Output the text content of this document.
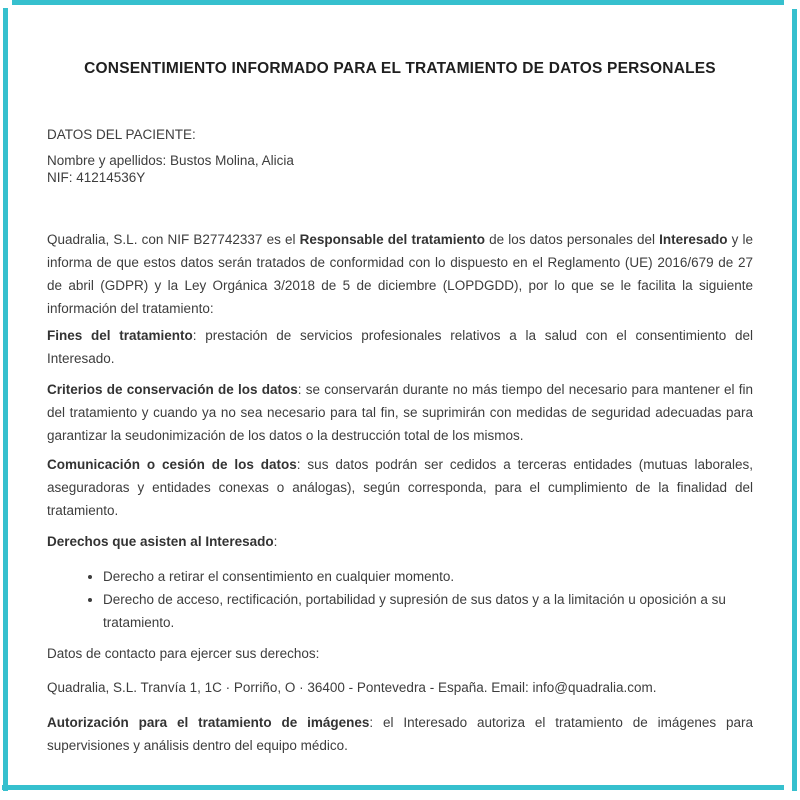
CONSENTIMIENTO INFORMADO PARA EL TRATAMIENTO DE DATOS PERSONALES
DATOS DEL PACIENTE:
Nombre y apellidos: Bustos Molina, Alicia
NIF: 41214536Y

Quadralia, S.L. con NIF B27742337 es el Responsable del tratamiento de los datos personales del Interesado y le informa de que estos datos serán tratados de conformidad con lo dispuesto en el Reglamento (UE) 2016/679 de 27 de abril (GDPR) y la Ley Orgánica 3/2018 de 5 de diciembre (LOPDGDD), por lo que se le facilita la siguiente información del tratamiento:

Fines del tratamiento: prestación de servicios profesionales relativos a la salud con el consentimiento del Interesado.

Criterios de conservación de los datos: se conservarán durante no más tiempo del necesario para mantener el fin del tratamiento y cuando ya no sea necesario para tal fin, se suprimirán con medidas de seguridad adecuadas para garantizar la seudonimización de los datos o la destrucción total de los mismos.

Comunicación o cesión de los datos: sus datos podrán ser cedidos a terceras entidades (mutuas laborales, aseguradoras y entidades conexas o análogas), según corresponda, para el cumplimiento de la finalidad del tratamiento.

Derechos que asisten al Interesado:

• Derecho a retirar el consentimiento en cualquier momento.
• Derecho de acceso, rectificación, portabilidad y supresión de sus datos y a la limitación u oposición a su tratamiento.

Datos de contacto para ejercer sus derechos:

Quadralia, S.L. Tranvía 1, 1C · Porriño, O · 36400 - Pontevedra - España. Email: info@quadralia.com.

Autorización para el tratamiento de imágenes: el Interesado autoriza el tratamiento de imágenes para supervisiones y análisis dentro del equipo médico.
